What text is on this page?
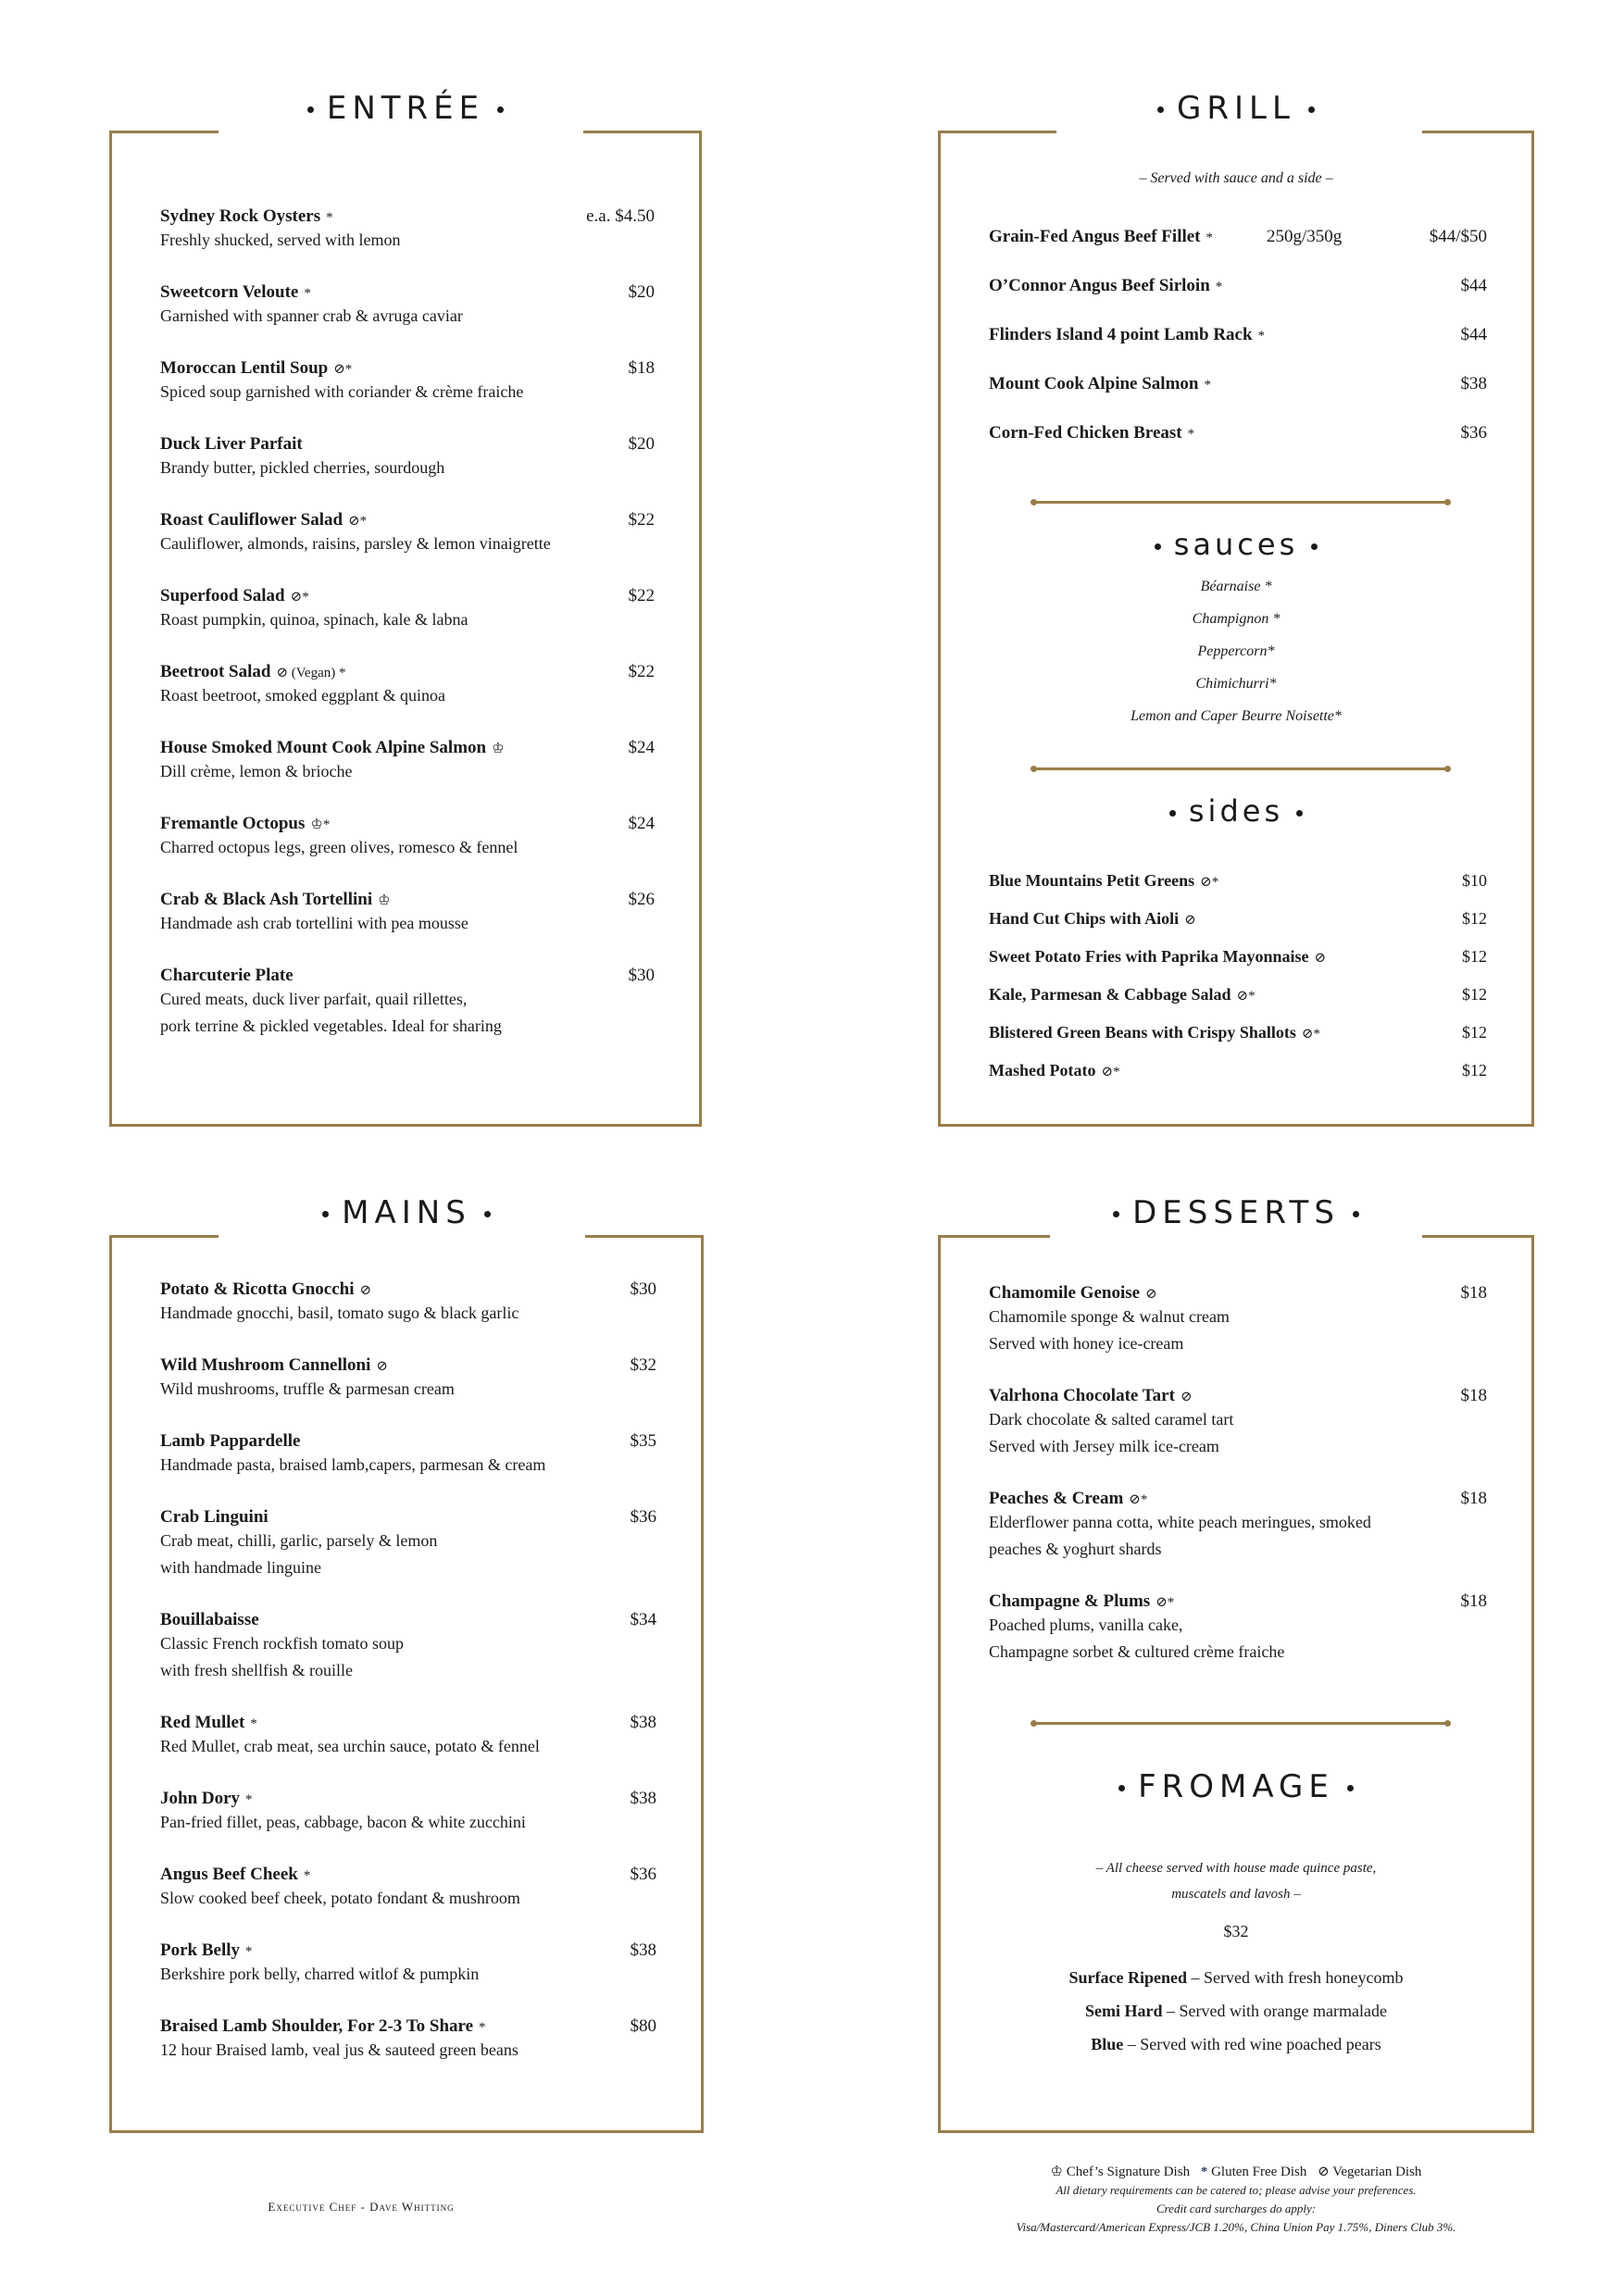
ENTRÉE
Sydney Rock Oysters *	e.a. $4.50
Freshly shucked, served with lemon
Sweetcorn Veloute *	$20
Garnished with spanner crab & avruga caviar
Moroccan Lentil Soup ⊘*	$18
Spiced soup garnished with coriander & crème fraiche
Duck Liver Parfait	$20
Brandy butter, pickled cherries, sourdough
Roast Cauliflower Salad ⊘*	$22
Cauliflower, almonds, raisins, parsley & lemon vinaigrette
Superfood Salad ⊘*	$22
Roast pumpkin, quinoa, spinach, kale & labna
Beetroot Salad ⊘ (Vegan) *	$22
Roast beetroot, smoked eggplant & quinoa
House Smoked Mount Cook Alpine Salmon ♔	$24
Dill crème, lemon & brioche
Fremantle Octopus ♔*	$24
Charred octopus legs, green olives, romesco & fennel
Crab & Black Ash Tortellini ♔	$26
Handmade ash crab tortellini with pea mousse
Charcuterie Plate	$30
Cured meats, duck liver parfait, quail rillettes,
pork terrine & pickled vegetables. Ideal for sharing
GRILL
– Served with sauce and a side –
Grain-Fed Angus Beef Fillet *	250g/350g	$44/$50
O’Connor Angus Beef Sirloin *	$44
Flinders Island 4 point Lamb Rack *	$44
Mount Cook Alpine Salmon *	$38
Corn-Fed Chicken Breast *	$36
sauces
Béarnaise *
Champignon *
Peppercorn*
Chimichurri*
Lemon and Caper Beurre Noisette*
sides
Blue Mountains Petit Greens ⊘*	$10
Hand Cut Chips with Aioli ⊘	$12
Sweet Potato Fries with Paprika Mayonnaise ⊘	$12
Kale, Parmesan & Cabbage Salad ⊘*	$12
Blistered Green Beans with Crispy Shallots ⊘*	$12
Mashed Potato ⊘*	$12
MAINS
Potato & Ricotta Gnocchi ⊘	$30
Handmade gnocchi, basil, tomato sugo & black garlic
Wild Mushroom Cannelloni ⊘	$32
Wild mushrooms, truffle & parmesan cream
Lamb Pappardelle	$35
Handmade pasta, braised lamb,capers, parmesan & cream
Crab Linguini	$36
Crab meat, chilli, garlic, parsely & lemon
with handmade linguine
Bouillabaisse	$34
Classic French rockfish tomato soup
with fresh shellfish & rouille
Red Mullet *	$38
Red Mullet, crab meat, sea urchin sauce, potato & fennel
John Dory *	$38
Pan-fried fillet, peas, cabbage, bacon & white zucchini
Angus Beef Cheek *	$36
Slow cooked beef cheek, potato fondant & mushroom
Pork Belly *	$38
Berkshire pork belly, charred witlof & pumpkin
Braised Lamb Shoulder, For 2-3 To Share *	$80
12 hour Braised lamb, veal jus & sauteed green beans
DESSERTS
Chamomile Genoise ⊘	$18
Chamomile sponge & walnut cream
Served with honey ice-cream
Valrhona Chocolate Tart ⊘	$18
Dark chocolate & salted caramel tart
Served with Jersey milk ice-cream
Peaches & Cream ⊘*	$18
Elderflower panna cotta, white peach meringues, smoked
peaches & yoghurt shards
Champagne & Plums ⊘*	$18
Poached plums, vanilla cake,
Champagne sorbet & cultured crème fraiche
FROMAGE
– All cheese served with house made quince paste,
muscatels and lavosh –
$32
Surface Ripened – Served with fresh honeycomb
Semi Hard – Served with orange marmalade
Blue – Served with red wine poached pears
Executive Chef - Dave Whitting
♔ Chef’s Signature Dish * Gluten Free Dish ⊘ Vegetarian Dish
All dietary requirements can be catered to; please advise your preferences.
Credit card surcharges do apply:
Visa/Mastercard/American Express/JCB 1.20%, China Union Pay 1.75%, Diners Club 3%.
